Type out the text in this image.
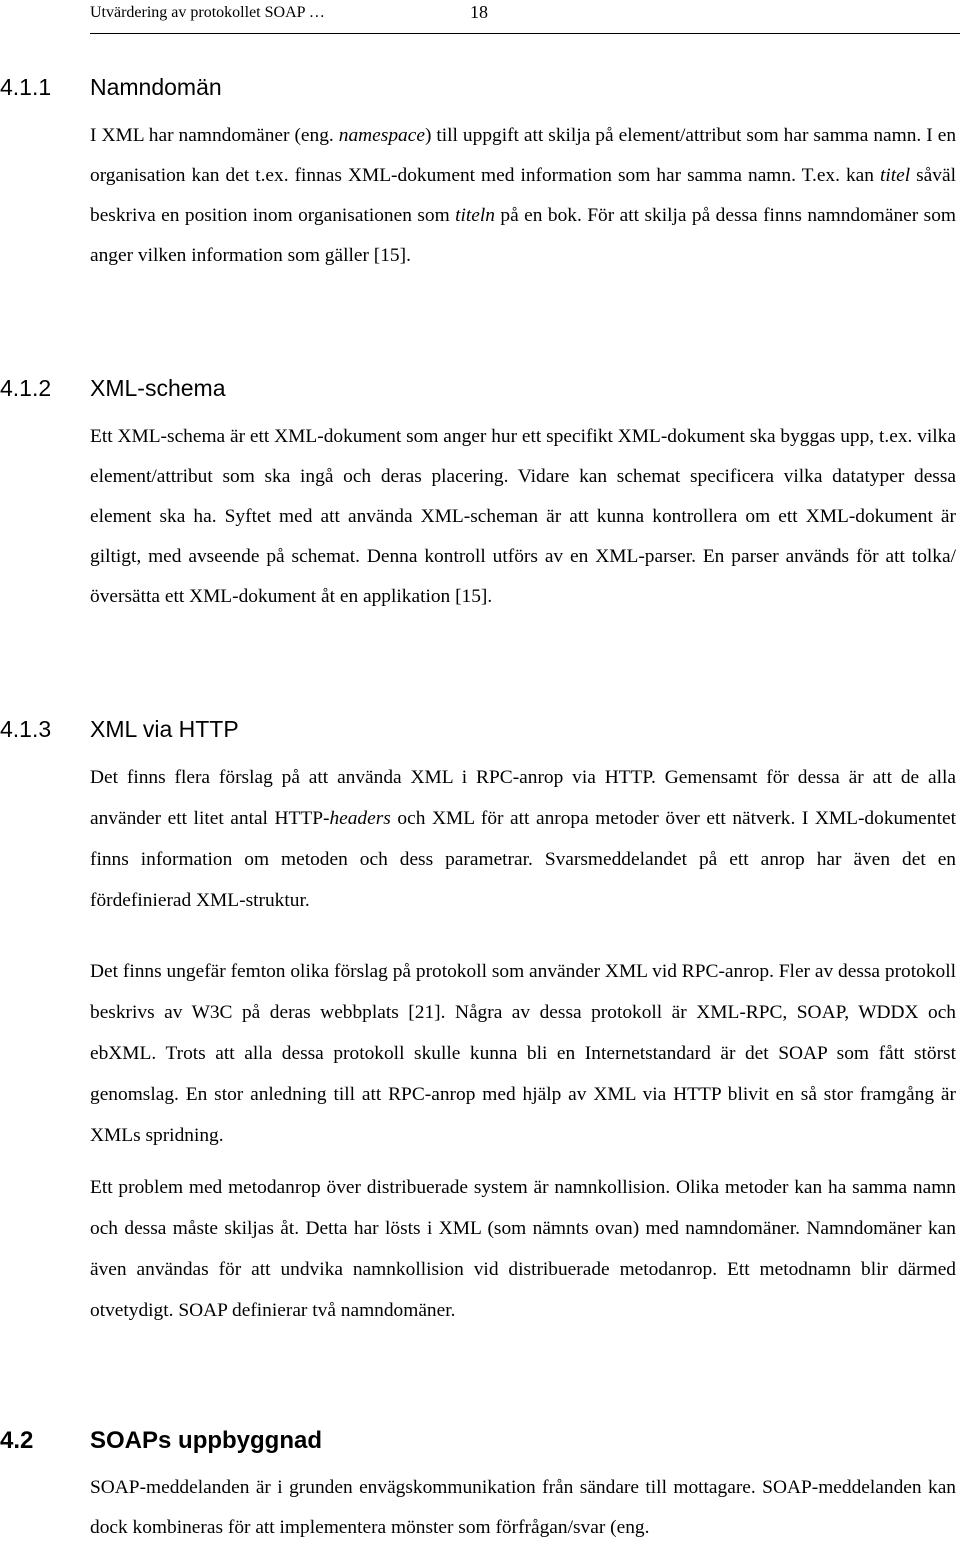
Utvärdering av protokollet SOAP …	18
4.1.1 Namndomän

I XML har namndomäner (eng. namespace) till uppgift att skilja på element/attribut som har samma namn. I en organisation kan det t.ex. finnas XML-dokument med information som har samma namn. T.ex. kan titel såväl beskriva en position inom organisationen som titeln på en bok. För att skilja på dessa finns namndomäner som anger vilken information som gäller [15].

4.1.2 XML-schema

Ett XML-schema är ett XML-dokument som anger hur ett specifikt XML-dokument ska byggas upp, t.ex. vilka element/attribut som ska ingå och deras placering. Vidare kan schemat specificera vilka datatyper dessa element ska ha. Syftet med att använda XML-scheman är att kunna kontrollera om ett XML-dokument är giltigt, med avseende på schemat. Denna kontroll utförs av en XML-parser. En parser används för att tolka/översätta ett XML-dokument åt en applikation [15].

4.1.3 XML via HTTP

Det finns flera förslag på att använda XML i RPC-anrop via HTTP. Gemensamt för dessa är att de alla använder ett litet antal HTTP-headers och XML för att anropa metoder över ett nätverk. I XML-dokumentet finns information om metoden och dess parametrar. Svarsmeddelandet på ett anrop har även det en fördefinierad XML-struktur.

Det finns ungefär femton olika förslag på protokoll som använder XML vid RPC-anrop. Fler av dessa protokoll beskrivs av W3C på deras webbplats [21]. Några av dessa protokoll är XML-RPC, SOAP, WDDX och ebXML. Trots att alla dessa protokoll skulle kunna bli en Internetstandard är det SOAP som fått störst genomslag. En stor anledning till att RPC-anrop med hjälp av XML via HTTP blivit en så stor framgång är XMLs spridning.

Ett problem med metodanrop över distribuerade system är namnkollision. Olika metoder kan ha samma namn och dessa måste skiljas åt. Detta har lösts i XML (som nämnts ovan) med namndomäner. Namndomäner kan även användas för att undvika namnkollision vid distribuerade metodanrop. Ett metodnamn blir därmed otvetydigt. SOAP definierar två namndomäner.

4.2 SOAPs uppbyggnad

SOAP-meddelanden är i grunden envägskommunikation från sändare till mottagare. SOAP-meddelanden kan dock kombineras för att implementera mönster som förfrågan/svar (eng.
